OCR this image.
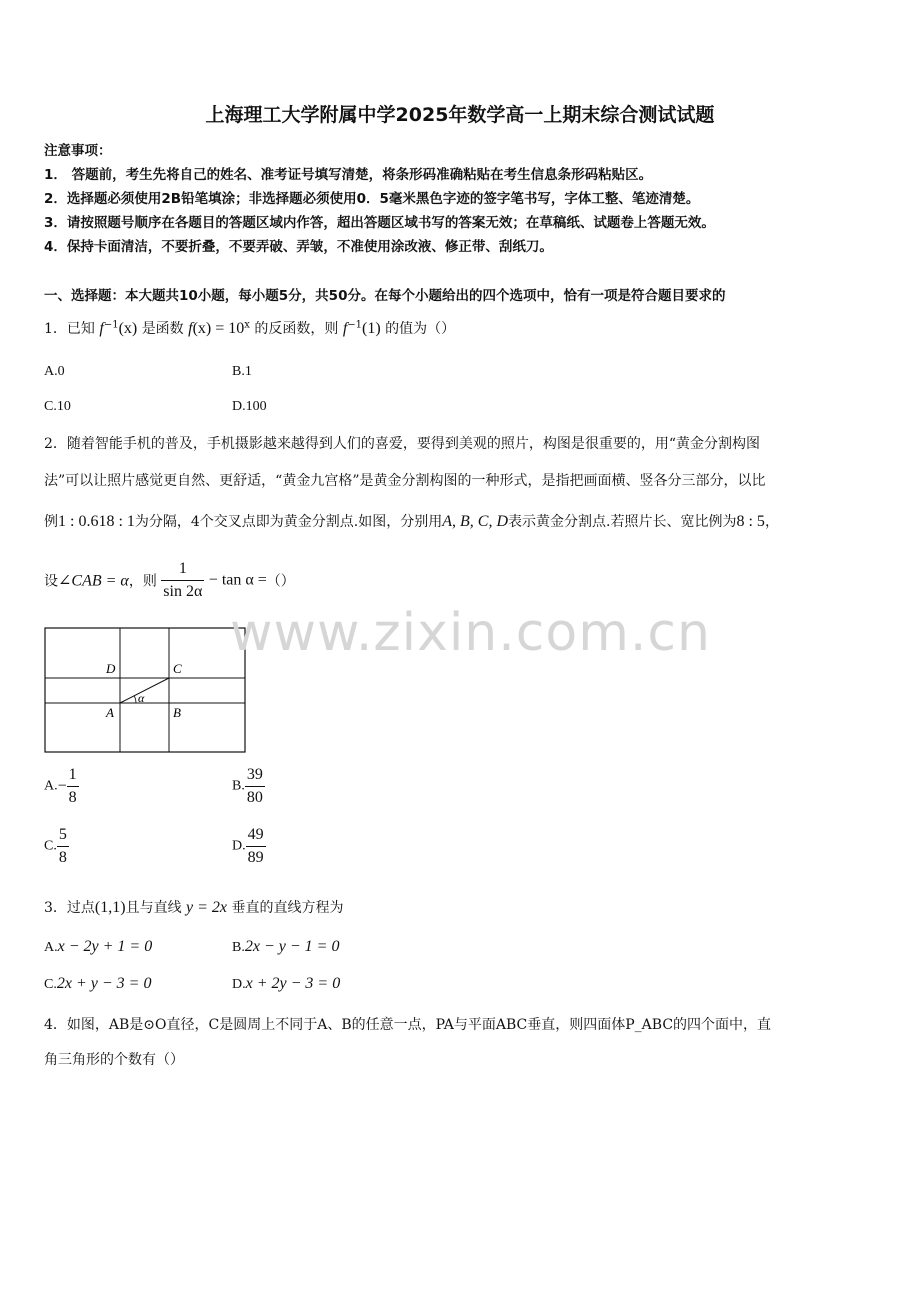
上海理工大学附属中学2025年数学高一上期末综合测试试题
注意事项：
1． 答题前，考生先将自己的姓名、准考证号填写清楚，将条形码准确粘贴在考生信息条形码粘贴区。
2．选择题必须使用2B铅笔填涂；非选择题必须使用0．5毫米黑色字迹的签字笔书写，字体工整、笔迹清楚。
3．请按照题号顺序在各题目的答题区域内作答，超出答题区域书写的答案无效；在草稿纸、试题卷上答题无效。
4．保持卡面清洁，不要折叠，不要弄破、弄皱，不准使用涂改液、修正带、刮纸刀。
一、选择题：本大题共10小题，每小题5分，共50分。在每个小题给出的四个选项中，恰有一项是符合题目要求的
1．已知 $f^{-1}(x)$ 是函数 $f(x) = 10^x$ 的反函数，则 $f^{-1}(1)$ 的值为（）
A.0	B.1
C.10	D.100
2．随着智能手机的普及，手机摄影越来越得到人们的喜爱，要得到美观的照片，构图是很重要的，用“黄金分割构图
法”可以让照片感觉更自然、更舒适，“黄金九宫格”是黄金分割构图的一种形式，是指把画面横、竖各分三部分，以比
例1 : 0.618 : 1为分隔，4个交叉点即为黄金分割点.如图，分别用A, B, C, D表示黄金分割点.若照片长、宽比例为8 : 5，
设∠CAB = α，则 $\frac{1}{\sin 2\alpha} - \tan \alpha$ =（）
D	C
A	B
α
$A.- \frac{1}{8}$	B. $\frac{39}{80}$
C. $\frac{5}{8}$	D. $\frac{49}{89}$
3．过点(1,1)且与直线 y = 2x 垂直的直线方程为
A.x − 2y + 1 = 0	B.2x − y − 1 = 0
C.2x + y − 3 = 0	D.x + 2y − 3 = 0
4．如图，AB是⊙O直径，C是圆周上不同于A、B的任意一点，PA与平面ABC垂直，则四面体P_ABC的四个面中，直
角三角形的个数有（）
www.zixin.com.cn
